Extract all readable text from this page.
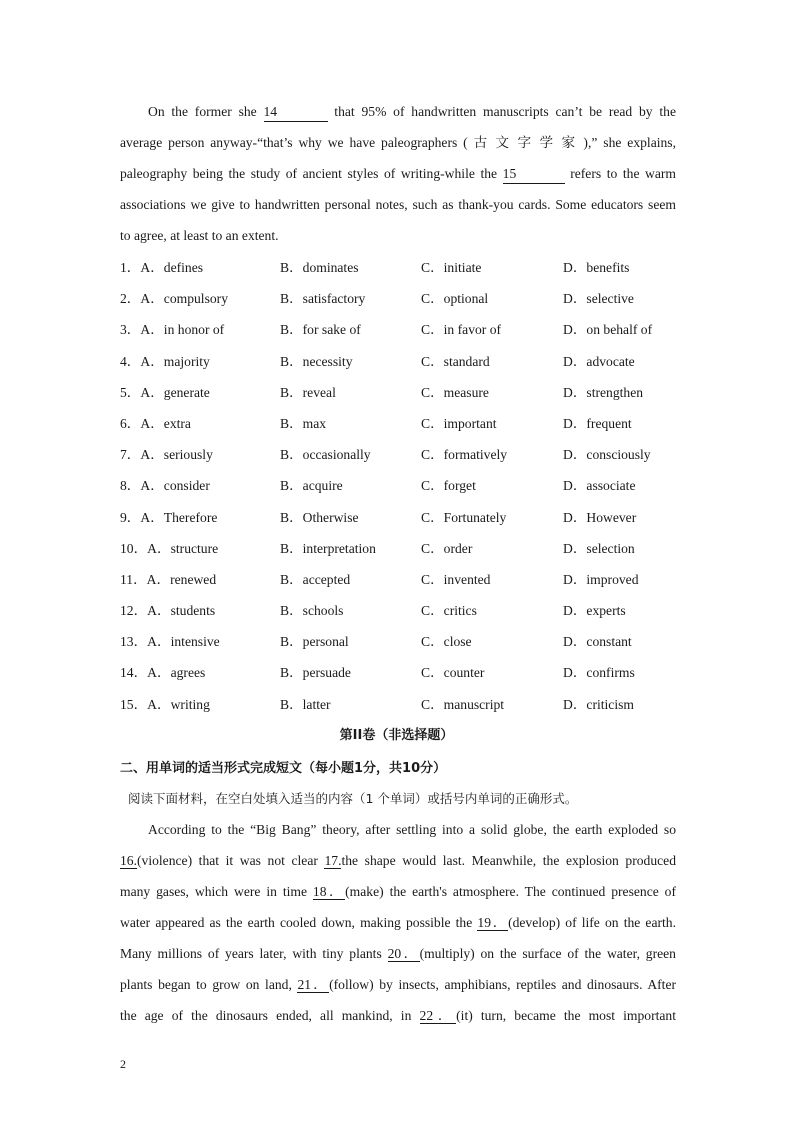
On the former she 14	that 95% of handwritten manuscripts can’t be read by the
average person anyway-“that’s why we have paleographers ( 古 文 字 学 家 ),” she explains,
paleography being the study of ancient styles of writing-while the 15	refers to the warm
associations we give to handwritten personal notes, such as thank-you cards. Some educators seem
to agree, at least to an extent.
1．A．defines	B．dominates	C．initiate	D．benefits
2．A．compulsory	B．satisfactory	C．optional	D．selective
3．A．in honor of	B．for sake of	C．in favor of	D．on behalf of
4．A．majority	B．necessity	C．standard	D．advocate
5．A．generate	B．reveal	C．measure	D．strengthen
6．A．extra	B．max	C．important	D．frequent
7．A．seriously	B．occasionally	C．formatively	D．consciously
8．A．consider	B．acquire	C．forget	D．associate
9．A．Therefore	B．Otherwise	C．Fortunately	D．However
10．A．structure	B．interpretation	C．order	D．selection
11．A．renewed	B．accepted	C．invented	D．improved
12．A．students	B．schools	C．critics	D．experts
13．A．intensive	B．personal	C．close	D．constant
14．A．agrees	B．persuade	C．counter	D．confirms
15．A．writing	B．latter	C．manuscript	D．criticism
第II卷（非选择题）
二、用单词的适当形式完成短文（每小题1分，共10分）
阅读下面材料，在空白处填入适当的内容（1 个单词）或括号内单词的正确形式。
According to the “Big Bang” theory, after settling into a solid globe, the earth exploded so
16.(violence) that it was not clear 17.the shape would last. Meanwhile, the explosion produced
many gases, which were in time 18．(make) the earth's atmosphere. The continued presence of
water appeared as the earth cooled down, making possible the 19．(develop) of life on the earth.
Many millions of years later, with tiny plants 20．(multiply) on the surface of the water, green
plants began to grow on land, 21．(follow) by insects, amphibians, reptiles and dinosaurs. After
the age of the dinosaurs ended, all mankind, in 22．(it) turn, became the most important
2
